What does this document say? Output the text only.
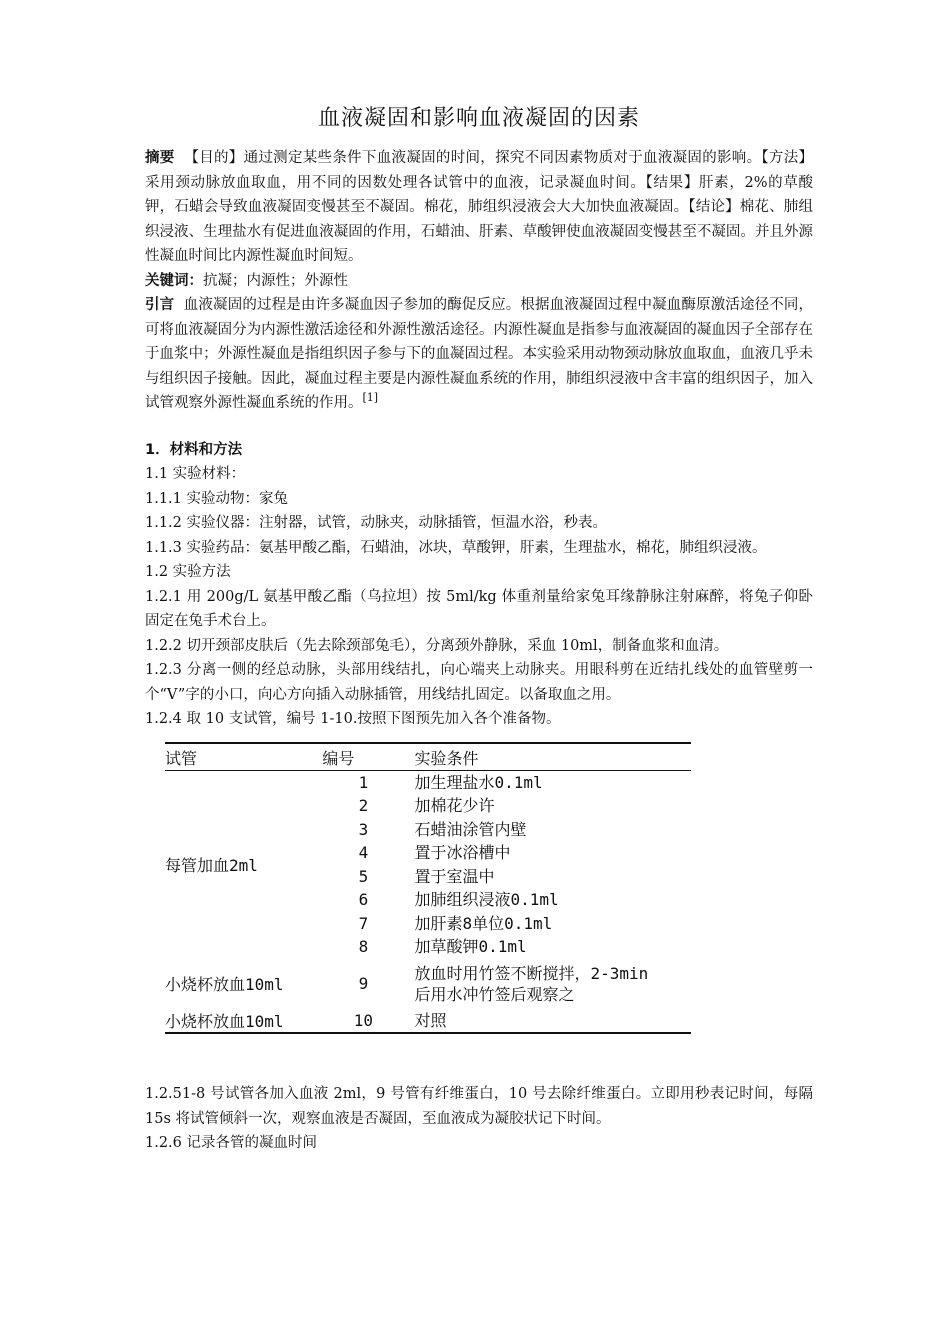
血液凝固和影响血液凝固的因素

摘要 【目的】通过测定某些条件下血液凝固的时间，探究不同因素物质对于血液凝固的影响。【方法】采用颈动脉放血取血，用不同的因数处理各试管中的血液，记录凝血时间。【结果】肝素，2%的草酸钾，石蜡会导致血液凝固变慢甚至不凝固。棉花，肺组织浸液会大大加快血液凝固。【结论】棉花、肺组织浸液、生理盐水有促进血液凝固的作用，石蜡油、肝素、草酸钾使血液凝固变慢甚至不凝固。并且外源性凝血时间比内源性凝血时间短。

关键词：抗凝；内源性；外源性

引言 血液凝固的过程是由许多凝血因子参加的酶促反应。根据血液凝固过程中凝血酶原激活途径不同，可将血液凝固分为内源性激活途径和外源性激活途径。内源性凝血是指参与血液凝固的凝血因子全部存在于血浆中；外源性凝血是指组织因子参与下的血凝固过程。本实验采用动物颈动脉放血取血，血液几乎未与组织因子接触。因此，凝血过程主要是内源性凝血系统的作用，肺组织浸液中含丰富的组织因子，加入试管观察外源性凝血系统的作用。[1]

1．材料和方法

1.1 实验材料：

1.1.1 实验动物：家兔

1.1.2 实验仪器：注射器，试管，动脉夹，动脉插管，恒温水浴，秒表。

1.1.3 实验药品：氨基甲酸乙酯，石蜡油，冰块，草酸钾，肝素，生理盐水，棉花，肺组织浸液。

1.2 实验方法

1.2.1 用 200g/L 氨基甲酸乙酯（乌拉坦）按 5ml/kg 体重剂量给家兔耳缘静脉注射麻醉，将兔子仰卧固定在兔手术台上。

1.2.2 切开颈部皮肤后（先去除颈部兔毛），分离颈外静脉，采血 10ml，制备血浆和血清。

1.2.3 分离一侧的经总动脉，头部用线结扎，向心端夹上动脉夹。用眼科剪在近结扎线处的血管壁剪一个“V”字的小口，向心方向插入动脉插管，用线结扎固定。以备取血之用。

1.2.4 取 10 支试管，编号 1-10.按照下图预先加入各个准备物。

试管	编号	实验条件
每管加血2ml	1	加生理盐水0.1ml
	2	加棉花少许
	3	石蜡油涂管内壁
	4	置于冰浴槽中
	5	置于室温中
	6	加肺组织浸液0.1ml
	7	加肝素8单位0.1ml
	8	加草酸钾0.1ml
小烧杯放血10ml	9	放血时用竹签不断搅拌，2-3min
后用水冲竹签后观察之

小烧杯放血10ml	10	对照

1.2.51-8 号试管各加入血液 2ml，9 号管有纤维蛋白，10 号去除纤维蛋白。立即用秒表记时间，每隔 15s 将试管倾斜一次，观察血液是否凝固，至血液成为凝胶状记下时间。

1.2.6 记录各管的凝血时间
